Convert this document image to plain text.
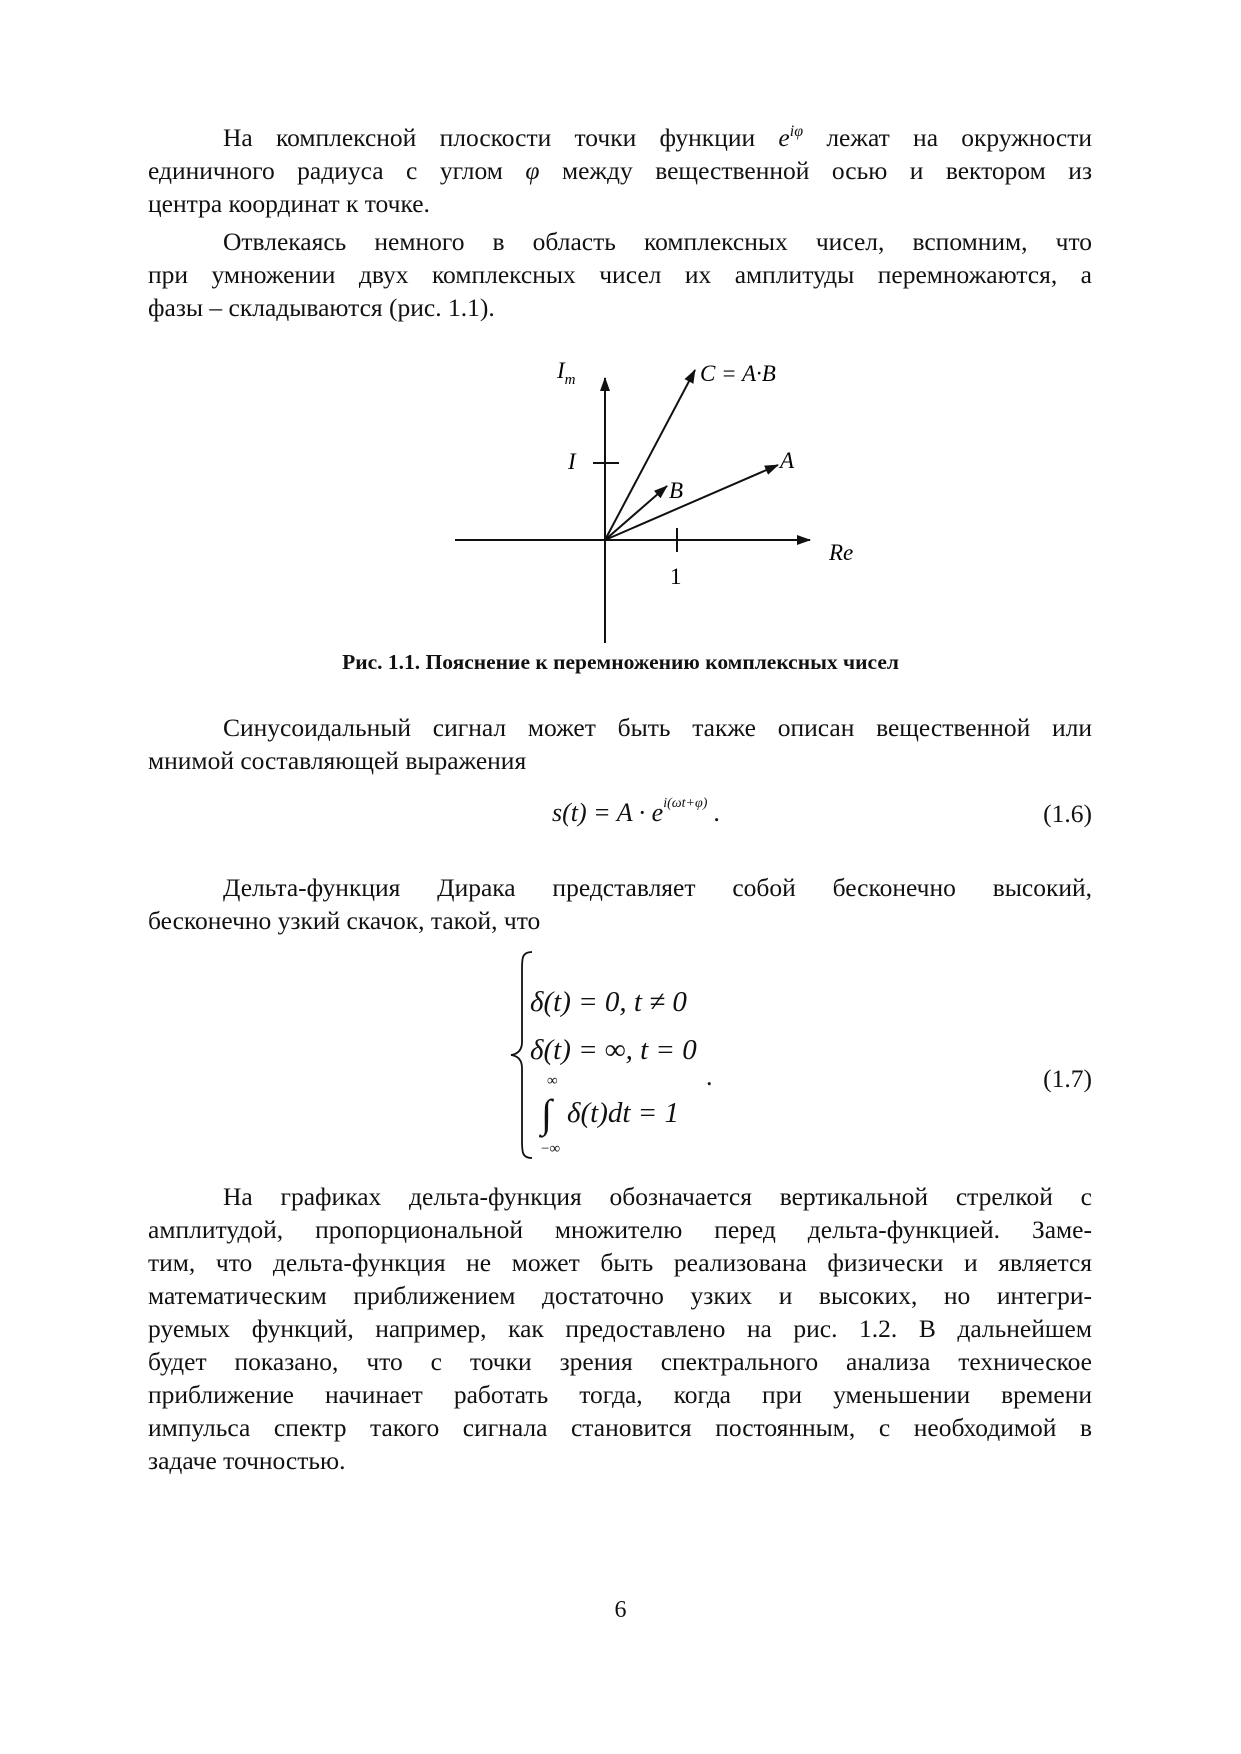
На комплексной плоскости точки функции $e^{i\varphi}$ лежат на окружности
единичного радиуса с углом φ между вещественной осью и вектором из
центра координат к точке.
Отвлекаясь немного в область комплексных чисел, вспомним, что
при умножении двух комплексных чисел их амплитуды перемножаются, а
фазы – складываются (рис. 1.1).
$I_m$
Re
C = A·B
A
B
I
1
Рис. 1.1. Пояснение к перемножению комплексных чисел
Синусоидальный сигнал может быть также описан вещественной или
мнимой составляющей выражения
$s(t) = A \cdot e^{i(\omega t+\varphi)}$ .	(1.6)
Дельта-функция Дирака представляет собой бесконечно высокий,
бесконечно узкий скачок, такой, что
δ(t) = 0, t ≠ 0
δ(t) = ∞, t = 0
∞
∫
−∞
δ(t)dt = 1
.	(1.7)
На графиках дельта-функция обозначается вертикальной стрелкой с
амплитудой, пропорциональной множителю перед дельта-функцией. Заме-
тим, что дельта-функция не может быть реализована физически и является
математическим приближением достаточно узких и высоких, но интегри-
руемых функций, например, как предоставлено на рис. 1.2. В дальнейшем
будет показано, что с точки зрения спектрального анализа техническое
приближение начинает работать тогда, когда при уменьшении времени
импульса спектр такого сигнала становится постоянным, с необходимой в
задаче точностью.
6
